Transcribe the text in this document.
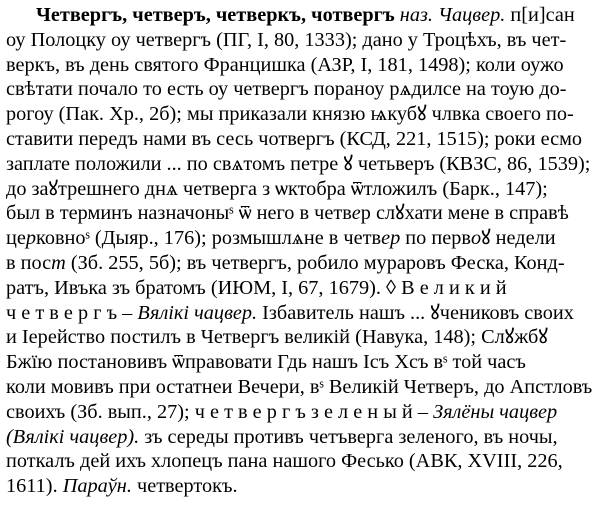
Четвергъ, четверъ, четверкъ, чотвергъ наз. Чацвер. п[и]сан
оу Полоцку оу четвергъ (ПГ, I, 80, 1333); дано у Троцѣхъ, въ чет-
веркъ, въ день святого Францишка (АЗР, I, 181, 1498); коли оужо
свѣтати почало то есть оу четвергъ пораноу рѧдилсе на тоую до-
рогоу (Пак. Хр., 2б); мы приказали князю ѩкубꙋ члвка своего по-
ставити передъ нами въ сесь чотвергъ (КСД, 221, 1515); роки есмо
заплате положили ... по свѧтомъ петре ꙋ четьверъ (КВЗС, 86, 1539);
до заꙋтрешнего днѧ четверга з ѡктобра ѿтложилъ (Барк., 147);
был в терминъ назначоныˢ ѿ него в четвер слꙋхати мене в справѣ
церковноˢ (Дыяр., 176); розмышлѧне в четвер по первоꙋ недели
в пост (Зб. 255, 5б); въ четвергъ, робило мураровъ Феска, Конд-
ратъ, Ивъка зъ братомъ (ИЮМ, I, 67, 1679). ◊ В е л и к и й
ч е т в е р г ъ – Вялікі чацвер. Ізбавитель нашъ ... ꙋчениковъ своих
и Іерейство постилъ в Четвергъ великій (Навука, 148); Слꙋжбꙋ
Бжїю постановивъ ѿправовати Гдь нашъ Ісъ Хсъ вˢ той часъ
коли мовивъ при остатнеи Вечери, вˢ Великій Четверъ, до Апстловъ
своихъ (Зб. вып., 27); ч е т в е р г ъ з е л е н ы й – Зялёны чацвер
(Вялікі чацвер). зъ середы противъ четъверга зеленого, въ ночы,
поткалъ дей ихъ хлопецъ пана нашого Фесько (АВК, XVIII, 226,
1611). Параўн. четвертокъ.
